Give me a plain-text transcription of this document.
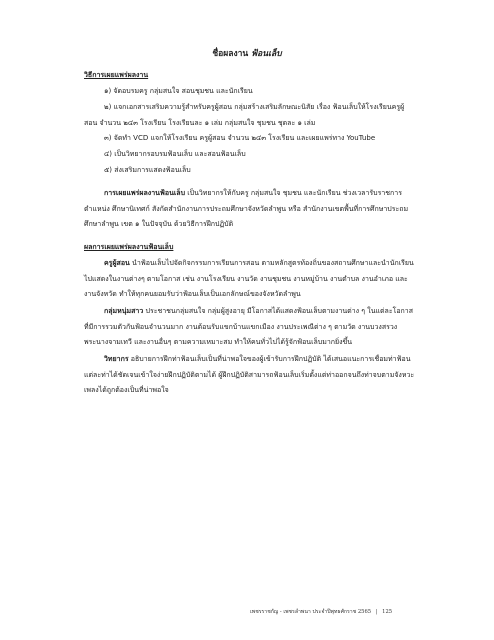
ชื่อผลงาน ฟ้อนเล็บ

วิธีการเผยแพร่ผลงาน

๑) จัดอบรมครู กลุ่มสนใจ สอนชุมชน และนักเรียน

๒) แจกเอกสารเสริมความรู้สำหรับครูผู้สอน กลุ่มสร้างเสริมลักษณะนิสัย เรื่อง ฟ้อนเล็บให้โรงเรียนครูผู้สอน จำนวน ๒๔๓ โรงเรียน โรงเรียนละ ๑ เล่ม กลุ่มสนใจ ชุมชน ชุดละ ๑ เล่ม

๓) จัดทำ VCD แจกให้โรงเรียน ครูผู้สอน จำนวน ๒๔๓ โรงเรียน และเผยแพร่ทาง YouTube

๔) เป็นวิทยากรอบรมฟ้อนเล็บ และสอนฟ้อนเล็บ

๕) ส่งเสริมการแสดงฟ้อนเล็บ

การเผยแพร่ผลงานฟ้อนเล็บ เป็นวิทยากรให้กับครู กลุ่มสนใจ ชุมชน และนักเรียน ช่วงเวลารับราชการ ตำแหน่ง ศึกษานิเทศก์ สังกัดสำนักงานการประถมศึกษาจังหวัดลำพูน หรือ สำนักงานเขตพื้นที่การศึกษาประถมศึกษาลำพูน เขต ๑ ในปัจจุบัน ด้วยวิธีการฝึกปฏิบัติ

ผลการเผยแพร่ผลงานฟ้อนเล็บ

ครูผู้สอน นำฟ้อนเล็บไปจัดกิจกรรมการเรียนการสอน ตามหลักสูตรท้องถิ่นของสถานศึกษาและนำนักเรียนไปแสดงในงานต่างๆ ตามโอกาส เช่น งานโรงเรียน งานวัด งานชุมชน งานหมู่บ้าน งานตำบล งานอำเภอ และงานจังหวัด ทำให้ทุกคนยอมรับว่าฟ้อนเล็บเป็นเอกลักษณ์ของจังหวัดลำพูน

กลุ่มหนุ่มสาว ประชาชนกลุ่มสนใจ กลุ่มผู้สูงอายุ มีโอกาสได้แสดงฟ้อนเล็บตามงานต่าง ๆ ในแต่ละโอกาสที่มีการรวมตัวกันฟ้อนจำนวนมาก งานต้อนรับแขกบ้านแขกเมือง งานประเพณีต่าง ๆ ตามวัด งานบวงสรวงพระนางจามเทวี และงานอื่นๆ ตามความเหมาะสม ทำให้คนทั่วไปได้รู้จักฟ้อนเล็บมากยิ่งขึ้น

วิทยากร อธิบายการฝึกท่าฟ้อนเล็บเป็นที่น่าพอใจของผู้เข้ารับการฝึกปฏิบัติ ได้เสนอแนะการเชื่อมท่าฟ้อนแต่ละท่าได้ชัดเจนเข้าใจง่ายฝึกปฏิบัติตามได้ ผู้ฝึกปฏิบัติสามารถฟ้อนเล็บเริ่มตั้งแต่ท่าออกจนถึงท่าจบตามจังหวะเพลงได้ถูกต้องเป็นที่น่าพอใจ

เพชรราชกัญ - เพชรลำพนา ประจำปีพุทธศักราช 2565 | 125
